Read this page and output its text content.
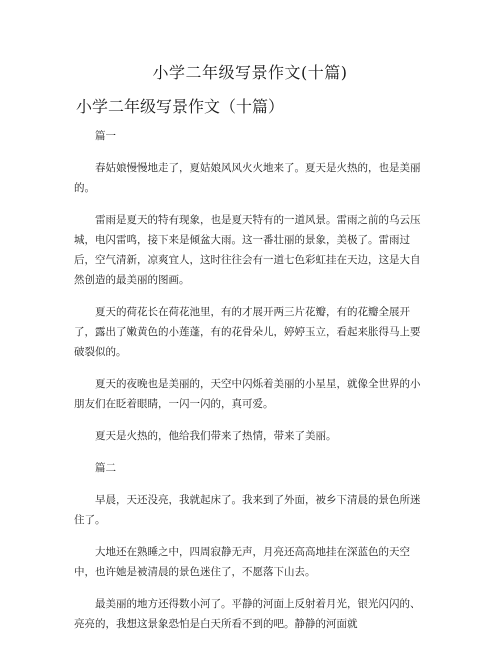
小学二年级写景作文(十篇)
小学二年级写景作文（十篇）

篇一

春姑娘慢慢地走了，夏姑娘风风火火地来了。夏天是火热的，也是美丽的。

雷雨是夏天的特有现象，也是夏天特有的一道风景。雷雨之前的乌云压城，电闪雷鸣，接下来是倾盆大雨。这一番壮丽的景象，美极了。雷雨过后，空气清新，凉爽宜人，这时往往会有一道七色彩虹挂在天边，这是大自然创造的最美丽的图画。

夏天的荷花长在荷花池里，有的才展开两三片花瓣，有的花瓣全展开了，露出了嫩黄色的小莲蓬，有的花骨朵儿，婷婷玉立，看起来胀得马上要破裂似的。

夏天的夜晚也是美丽的，天空中闪烁着美丽的小星星，就像全世界的小朋友们在眨着眼睛，一闪一闪的，真可爱。

夏天是火热的，他给我们带来了热情，带来了美丽。

篇二

早晨，天还没亮，我就起床了。我来到了外面，被乡下清晨的景色所迷住了。

大地还在熟睡之中，四周寂静无声，月亮还高高地挂在深蓝色的天空中，也许她是被清晨的景色迷住了，不愿落下山去。

最美丽的地方还得数小河了。平静的河面上反射着月光，银光闪闪的、亮亮的，我想这景象恐怕是白天所看不到的吧。静静的河面就
